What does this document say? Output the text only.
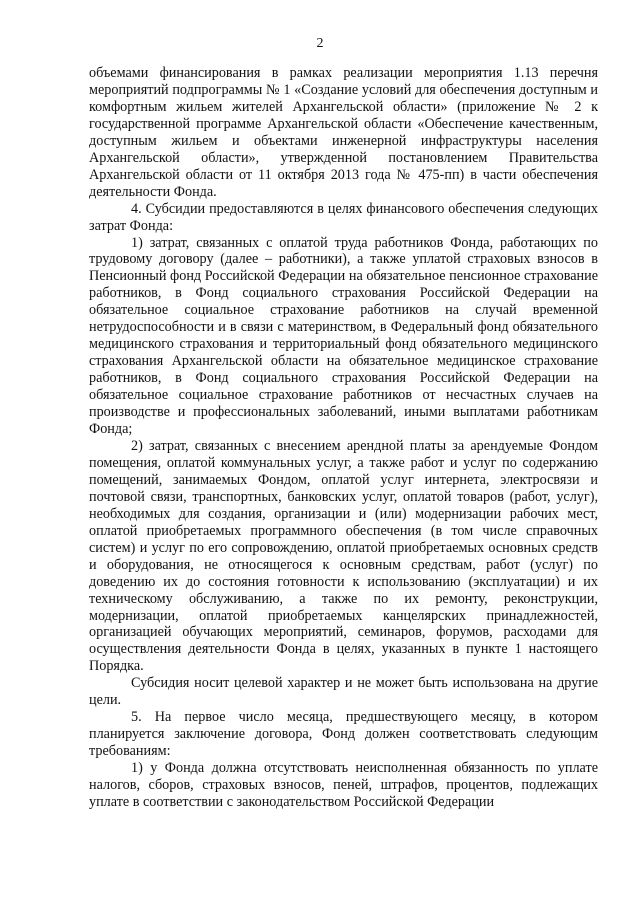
2

объемами финансирования в рамках реализации мероприятия 1.13 перечня мероприятий подпрограммы № 1 «Создание условий для обеспечения доступным и комфортным жильем жителей Архангельской области» (приложение № 2 к государственной программе Архангельской области «Обеспечение качественным, доступным жильем и объектами инженерной инфраструктуры населения Архангельской области», утвержденной постановлением Правительства Архангельской области от 11 октября 2013 года № 475-пп) в части обеспечения деятельности Фонда.

4. Субсидии предоставляются в целях финансового обеспечения следующих затрат Фонда:

1) затрат, связанных с оплатой труда работников Фонда, работающих по трудовому договору (далее – работники), а также уплатой страховых взносов в Пенсионный фонд Российской Федерации на обязательное пенсионное страхование работников, в Фонд социального страхования Российской Федерации на обязательное социальное страхование работников на случай временной нетрудоспособности и в связи с материнством, в Федеральный фонд обязательного медицинского страхования и территориальный фонд обязательного медицинского страхования Архангельской области на обязательное медицинское страхование работников, в Фонд социального страхования Российской Федерации на обязательное социальное страхование работников от несчастных случаев на производстве и профессиональных заболеваний, иными выплатами работникам Фонда;

2) затрат, связанных с внесением арендной платы за арендуемые Фондом помещения, оплатой коммунальных услуг, а также работ и услуг по содержанию помещений, занимаемых Фондом, оплатой услуг интернета, электросвязи и почтовой связи, транспортных, банковских услуг, оплатой товаров (работ, услуг), необходимых для создания, организации и (или) модернизации рабочих мест, оплатой приобретаемых программного обеспечения (в том числе справочных систем) и услуг по его сопровождению, оплатой приобретаемых основных средств и оборудования, не относящегося к основным средствам, работ (услуг) по доведению их до состояния готовности к использованию (эксплуатации) и их техническому обслуживанию, а также по их ремонту, реконструкции, модернизации, оплатой приобретаемых канцелярских принадлежностей, организацией обучающих мероприятий, семинаров, форумов, расходами для осуществления деятельности Фонда в целях, указанных в пункте 1 настоящего Порядка.

Субсидия носит целевой характер и не может быть использована на другие цели.

5. На первое число месяца, предшествующего месяцу, в котором планируется заключение договора, Фонд должен соответствовать следующим требованиям:

1) у Фонда должна отсутствовать неисполненная обязанность по уплате налогов, сборов, страховых взносов, пеней, штрафов, процентов, подлежащих уплате в соответствии с законодательством Российской Федерации
